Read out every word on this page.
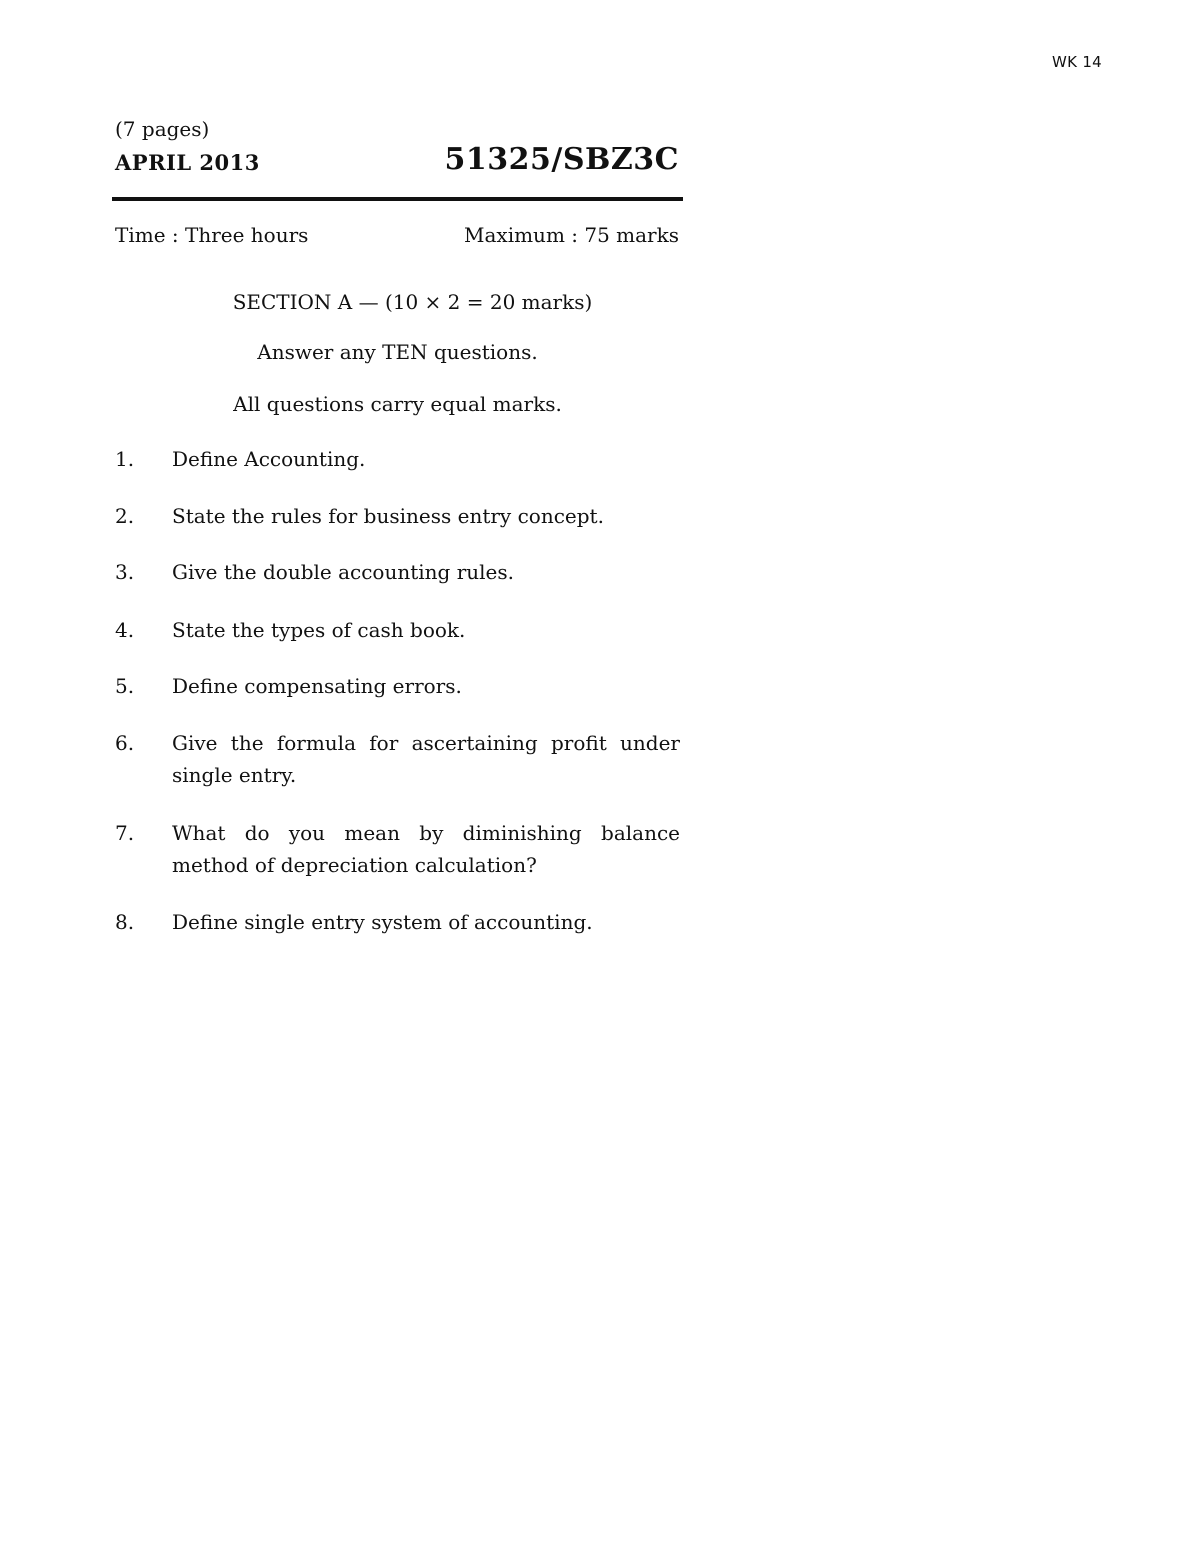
WK 14
(7 pages)
APRIL 2013	51325/SBZ3C
Time : Three hours	Maximum : 75 marks
SECTION A — (10 × 2 = 20 marks)
Answer any TEN questions.
All questions carry equal marks.
1. Define Accounting.
2. State the rules for business entry concept.
3. Give the double accounting rules.
4. State the types of cash book.
5. Define compensating errors.
6. Give the formula for ascertaining profit under single entry.
7. What do you mean by diminishing balance method of depreciation calculation?
8. Define single entry system of accounting.
